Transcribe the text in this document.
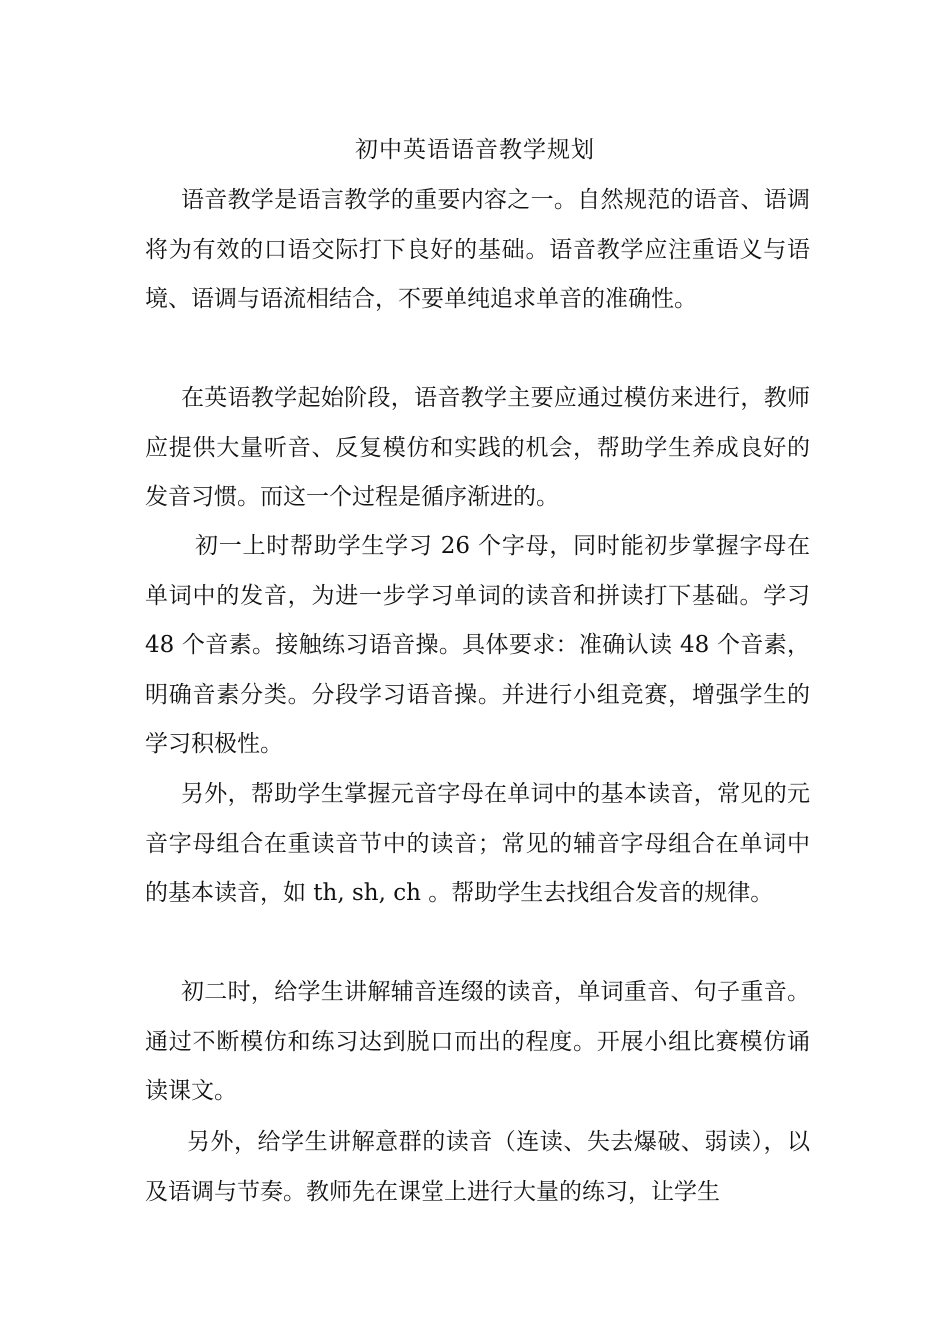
初中英语语音教学规划

语音教学是语言教学的重要内容之一。自然规范的语音、语调将为有效的口语交际打下良好的基础。语音教学应注重语义与语境、语调与语流相结合，不要单纯追求单音的准确性。

在英语教学起始阶段，语音教学主要应通过模仿来进行，教师应提供大量听音、反复模仿和实践的机会，帮助学生养成良好的发音习惯。而这一个过程是循序渐进的。

初一上时帮助学生学习 26 个字母，同时能初步掌握字母在单词中的发音，为进一步学习单词的读音和拼读打下基础。学习 48 个音素。接触练习语音操。具体要求：准确认读 48 个音素，明确音素分类。分段学习语音操。并进行小组竞赛，增强学生的学习积极性。

另外，帮助学生掌握元音字母在单词中的基本读音，常见的元音字母组合在重读音节中的读音；常见的辅音字母组合在单词中的基本读音，如 th, sh, ch 。帮助学生去找组合发音的规律。

初二时，给学生讲解辅音连缀的读音，单词重音、句子重音。通过不断模仿和练习达到脱口而出的程度。开展小组比赛模仿诵读课文。

另外，给学生讲解意群的读音（连读、失去爆破、弱读），以及语调与节奏。教师先在课堂上进行大量的练习，让学生
